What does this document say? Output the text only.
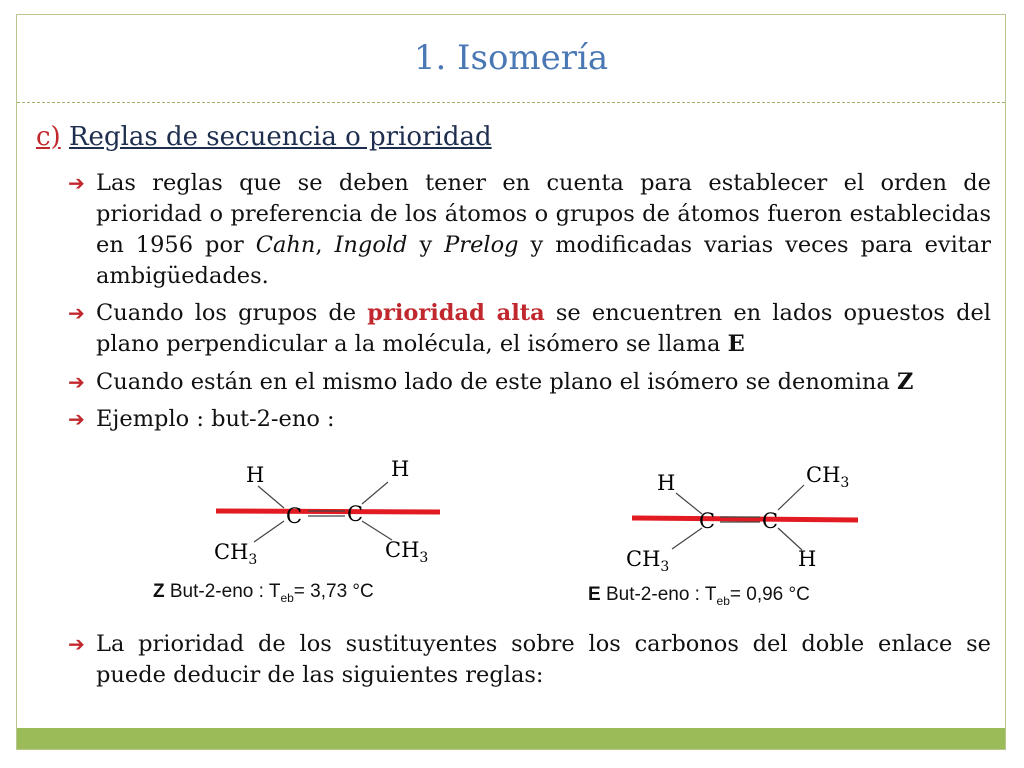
1. Isomería
c) Reglas de secuencia o prioridad
➔ Las reglas que se deben tener en cuenta para establecer el orden de prioridad o preferencia de los átomos o grupos de átomos fueron establecidas en 1956 por Cahn, Ingold y Prelog y modificadas varias veces para evitar ambigüedades.
➔ Cuando los grupos de prioridad alta se encuentren en lados opuestos del plano perpendicular a la molécula, el isómero se llama E
➔ Cuando están en el mismo lado de este plano el isómero se denomina Z
➔ Ejemplo : but-2-eno :
H	H
C C
$CH_3$	$CH_3$
H
H
C C
$CH_3$
$CH_3$
Z But-2-eno : $T_{eb}= 3,73$ °C	E But-2-eno : $T_{eb}= 0,96$ °C
➔ La prioridad de los sustituyentes sobre los carbonos del doble enlace se puede deducir de las siguientes reglas:
